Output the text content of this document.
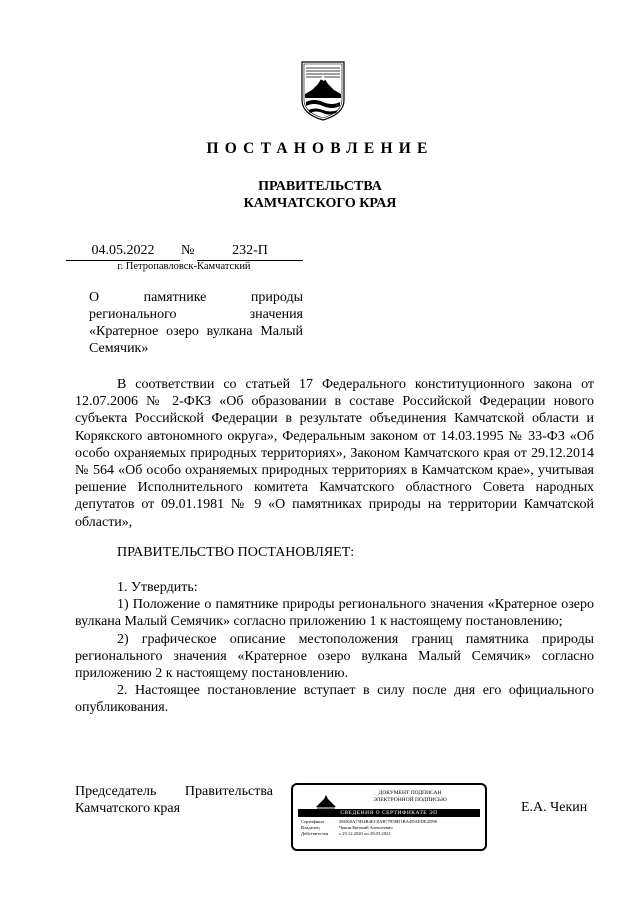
ПОСТАНОВЛЕНИЕ
ПРАВИТЕЛЬСТВА
КАМЧАТСКОГО КРАЯ
04.05.2022	№	232-П
г. Петропавловск-Камчатский
О памятнике природы
регионального значения
«Кратерное озеро вулкана Малый
Семячик»

В соответствии со статьей 17 Федерального конституционного закона от 12.07.2006 № 2-ФКЗ «Об образовании в составе Российской Федерации нового субъекта Российской Федерации в результате объединения Камчатской области и Корякского автономного округа», Федеральным законом от 14.03.1995 № 33-ФЗ «Об особо охраняемых природных территориях», Законом Камчатского края от 29.12.2014 № 564 «Об особо охраняемых природных территориях в Камчатском крае», учитывая решение Исполнительного комитета Камчатского областного Совета народных депутатов от 09.01.1981 № 9 «О памятниках природы на территории Камчатской области»,

ПРАВИТЕЛЬСТВО ПОСТАНОВЛЯЕТ:

1. Утвердить:

1) Положение о памятнике природы регионального значения «Кратерное озеро вулкана Малый Семячик» согласно приложению 1 к настоящему постановлению;

2) графическое описание местоположения границ памятника природы регионального значения «Кратерное озеро вулкана Малый Семячик» согласно приложению 2 к настоящему постановлению.

2. Настоящее постановление вступает в силу после дня его официального опубликования.

Председатель Правительства
Камчатского края
ДОКУМЕНТ ПОДПИСАН
ЭЛЕКТРОННОЙ ПОДПИСЬЮ
СВЕДЕНИЯ О СЕРТИФИКАТЕ ЭП
Сертификат	3ED60A75D4B4EC0AB77858D1BA4DAEDE2D96
Владелец	Чекин Евгений Алексеевич
Действителен	с 29.12.2020 по 29.03.2022
Е.А. Чекин
